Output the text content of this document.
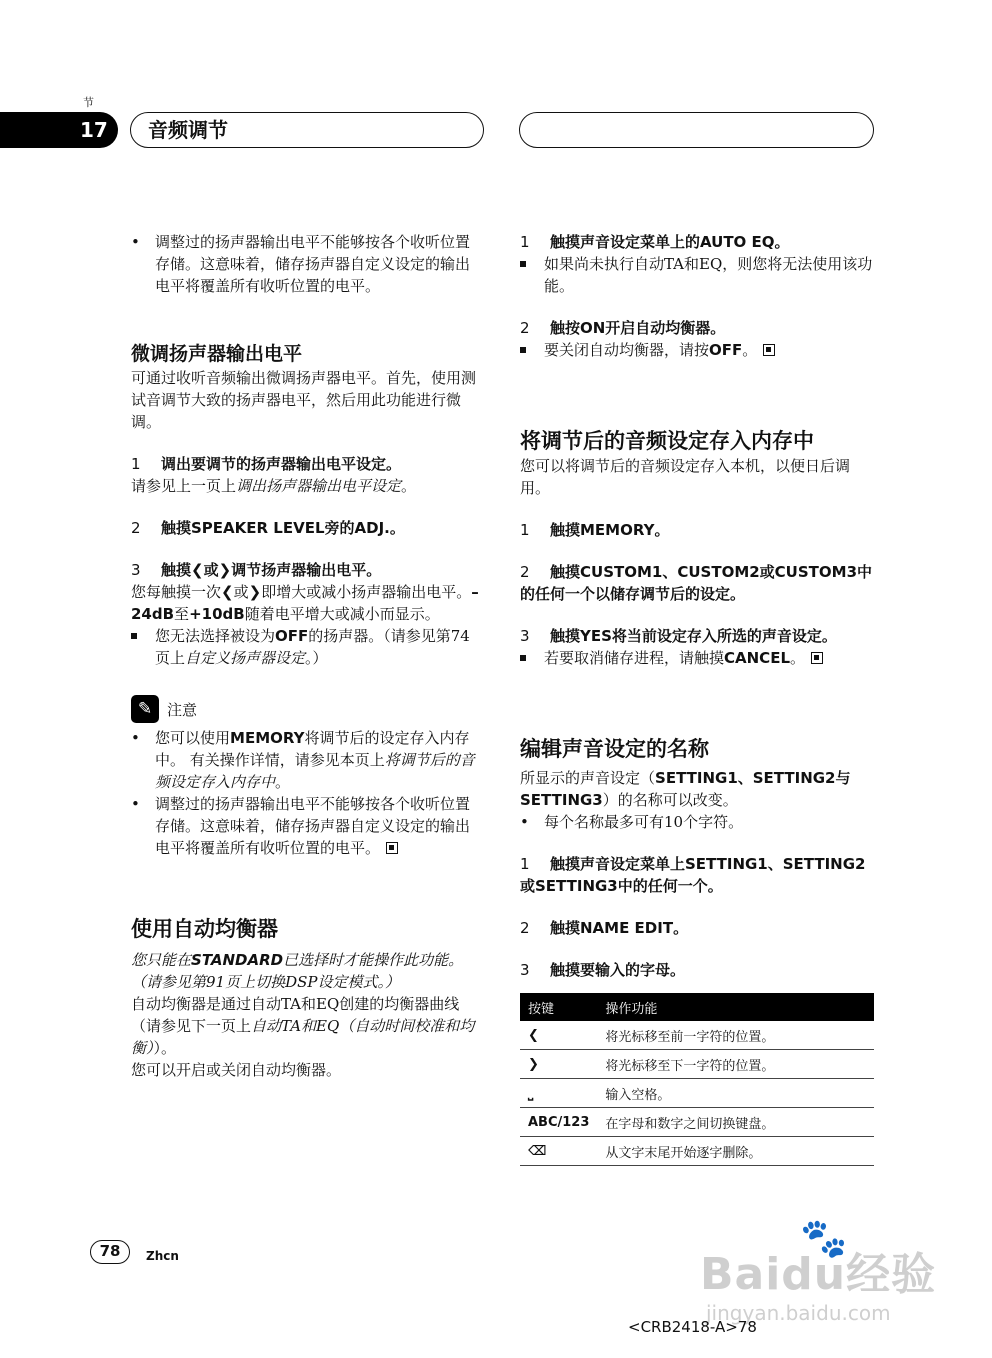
节
17 音频调节
• 调整过的扬声器输出电平不能够按各个收听位置存储。这意味着，储存扬声器自定义设定的输出电平将覆盖所有收听位置的电平。
微调扬声器输出电平

可通过收听音频输出微调扬声器电平。首先，使用测试音调节大致的扬声器电平，然后用此功能进行微调。

1 调出要调节的扬声器输出电平设定。

请参见上一页上调出扬声器输出电平设定。

2 触摸SPEAKER LEVEL旁的ADJ.。
3 触摸❮或❯调节扬声器输出电平。

您每触摸一次❮或❯即增大或减小扬声器输出电平。–24dB至+10dB随着电平增大或减小而显示。

您无法选择被设为OFF的扬声器。（请参见第74页上自定义扬声器设定。）
✎ 注意
• 您可以使用MEMORY将调节后的设定存入内存中。 有关操作详情，请参见本页上将调节后的音频设定存入内存中。
• 调整过的扬声器输出电平不能够按各个收听位置存储。这意味着，储存扬声器自定义设定的输出电平将覆盖所有收听位置的电平。
使用自动均衡器

您只能在STANDARD已选择时才能操作此功能。 （请参见第91页上切换DSP设定模式。）

自动均衡器是通过自动TA和EQ创建的均衡器曲线（请参见下一页上自动TA和EQ（自动时间校准和均衡））。

您可以开启或关闭自动均衡器。

1 触摸声音设定菜单上的AUTO EQ。
如果尚未执行自动TA和EQ，则您将无法使用该功能。
2 触按ON开启自动均衡器。
要关闭自动均衡器，请按OFF。
将调节后的音频设定存入内存中

您可以将调节后的音频设定存入本机，以便日后调用。

1 触摸MEMORY。
2 触摸CUSTOM1、CUSTOM2或CUSTOM3中的任何一个以储存调节后的设定。
3 触摸YES将当前设定存入所选的声音设定。
若要取消储存进程，请触摸CANCEL。
编辑声音设定的名称

所显示的声音设定（SETTING1、SETTING2与SETTING3）的名称可以改变。

• 每个名称最多可有10个字符。
1 触摸声音设定菜单上SETTING1、SETTING2或SETTING3中的任何一个。
2 触摸NAME EDIT。
3 触摸要输入的字母。
按键	操作功能
❮	将光标移至前一字符的位置。
❯	将光标移至下一字符的位置。
⎵	输入空格。
ABC/123	在字母和数字之间切换键盘。
⌫	从文字末尾开始逐字删除。
78	Zhcn	🐾
Baidu经验
jingyan.baidu.com
<CRB2418-A>78
